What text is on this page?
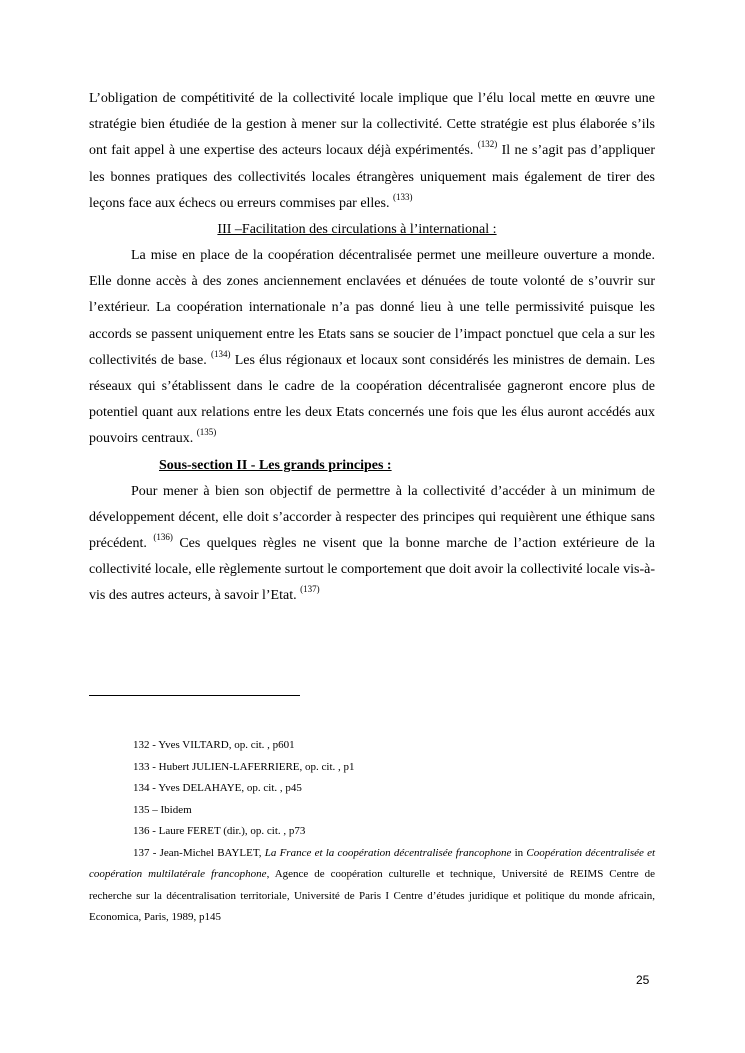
L’obligation de compétitivité de la collectivité locale implique que l’élu local mette en œuvre une stratégie bien étudiée de la gestion à mener sur la collectivité. Cette stratégie est plus élaborée s’ils ont fait appel à une expertise des acteurs locaux déjà expérimentés. $^{(132)}$ Il ne s’agit pas d’appliquer les bonnes pratiques des collectivités locales étrangères uniquement mais également de tirer des leçons face aux échecs ou erreurs commises par elles. $^{(133)}$

III –Facilitation des circulations à l’international :

La mise en place de la coopération décentralisée permet une meilleure ouverture a monde. Elle donne accès à des zones anciennement enclavées et dénuées de toute volonté de s’ouvrir sur l’extérieur. La coopération internationale n’a pas donné lieu à une telle permissivité puisque les accords se passent uniquement entre les Etats sans se soucier de l’impact ponctuel que cela a sur les collectivités de base. $^{(134)}$ Les élus régionaux et locaux sont considérés les ministres de demain. Les réseaux qui s’établissent dans le cadre de la coopération décentralisée gagneront encore plus de potentiel quant aux relations entre les deux Etats concernés une fois que les élus auront accédés aux pouvoirs centraux. $^{(135)}$

Sous-section II - Les grands principes :

Pour mener à bien son objectif de permettre à la collectivité d’accéder à un minimum de développement décent, elle doit s’accorder à respecter des principes qui requièrent une éthique sans précédent. $^{(136)}$ Ces quelques règles ne visent que la bonne marche de l’action extérieure de la collectivité locale, elle règlemente surtout le comportement que doit avoir la collectivité locale vis-à-vis des autres acteurs, à savoir l’Etat. $^{(137)}$

132 - Yves VILTARD, op. cit. , p601
133 - Hubert JULIEN-LAFERRIERE, op. cit. , p1
134 - Yves DELAHAYE, op. cit. , p45
135 – Ibidem
136 - Laure FERET (dir.), op. cit. , p73
137 - Jean-Michel BAYLET, La France et la coopération décentralisée francophone in Coopération décentralisée et coopération multilatérale francophone, Agence de coopération culturelle et technique, Université de REIMS Centre de recherche sur la décentralisation territoriale, Université de Paris I Centre d’études juridique et politique du monde africain, Economica, Paris, 1989, p145
25
